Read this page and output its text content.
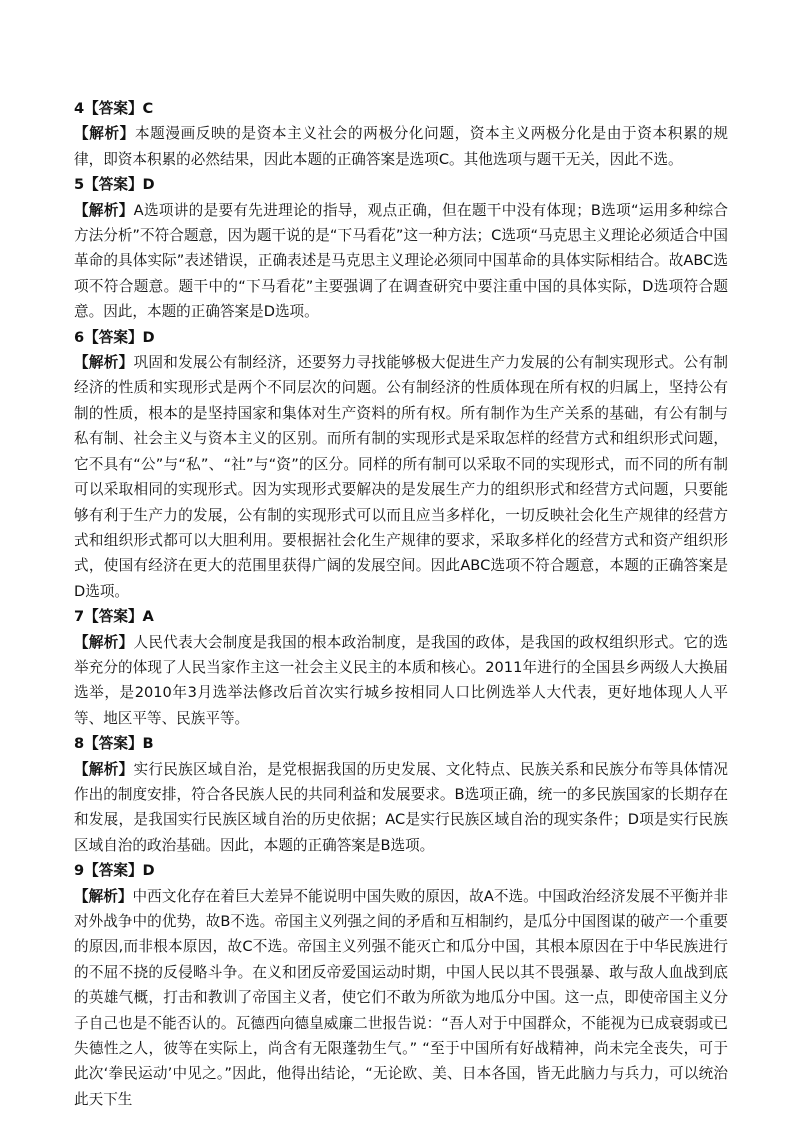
4【答案】C
【解析】本题漫画反映的是资本主义社会的两极分化问题，资本主义两极分化是由于资本积累的规律，即资本积累的必然结果，因此本题的正确答案是选项C。其他选项与题干无关，因此不选。
5【答案】D
【解析】A选项讲的是要有先进理论的指导，观点正确，但在题干中没有体现；B选项“运用多种综合方法分析”不符合题意，因为题干说的是“下马看花”这一种方法；C选项“马克思主义理论必须适合中国革命的具体实际”表述错误，正确表述是马克思主义理论必须同中国革命的具体实际相结合。故ABC选项不符合题意。题干中的“下马看花”主要强调了在调查研究中要注重中国的具体实际，D选项符合题意。因此，本题的正确答案是D选项。
6【答案】D
【解析】巩固和发展公有制经济，还要努力寻找能够极大促进生产力发展的公有制实现形式。公有制经济的性质和实现形式是两个不同层次的问题。公有制经济的性质体现在所有权的归属上，坚持公有制的性质，根本的是坚持国家和集体对生产资料的所有权。所有制作为生产关系的基础，有公有制与私有制、社会主义与资本主义的区别。而所有制的实现形式是采取怎样的经营方式和组织形式问题，它不具有“公”与“私”、“社”与“资”的区分。同样的所有制可以采取不同的实现形式，而不同的所有制可以采取相同的实现形式。因为实现形式要解决的是发展生产力的组织形式和经营方式问题，只要能够有利于生产力的发展，公有制的实现形式可以而且应当多样化，一切反映社会化生产规律的经营方式和组织形式都可以大胆利用。要根据社会化生产规律的要求，采取多样化的经营方式和资产组织形式，使国有经济在更大的范围里获得广阔的发展空间。因此ABC选项不符合题意，本题的正确答案是D选项。
7【答案】A
【解析】人民代表大会制度是我国的根本政治制度，是我国的政体，是我国的政权组织形式。它的选举充分的体现了人民当家作主这一社会主义民主的本质和核心。2011年进行的全国县乡两级人大换届选举，是2010年3月选举法修改后首次实行城乡按相同人口比例选举人大代表，更好地体现人人平等、地区平等、民族平等。
8【答案】B
【解析】实行民族区域自治，是党根据我国的历史发展、文化特点、民族关系和民族分布等具体情况作出的制度安排，符合各民族人民的共同利益和发展要求。B选项正确，统一的多民族国家的长期存在和发展，是我国实行民族区域自治的历史依据；AC是实行民族区域自治的现实条件；D项是实行民族区域自治的政治基础。因此，本题的正确答案是B选项。
9【答案】D
【解析】中西文化存在着巨大差异不能说明中国失败的原因，故A不选。中国政治经济发展不平衡并非对外战争中的优势，故B不选。帝国主义列强之间的矛盾和互相制约，是瓜分中国图谋的破产一个重要的原因,而非根本原因，故C不选。帝国主义列强不能灭亡和瓜分中国，其根本原因在于中华民族进行的不屈不挠的反侵略斗争。在义和团反帝爱国运动时期，中国人民以其不畏强暴、敢与敌人血战到底的英雄气概，打击和教训了帝国主义者，使它们不敢为所欲为地瓜分中国。这一点，即使帝国主义分子自己也是不能否认的。瓦德西向德皇威廉二世报告说：“吾人对于中国群众，不能视为已成衰弱或已失德性之人，彼等在实际上，尚含有无限蓬勃生气。” “至于中国所有好战精神，尚未完全丧失，可于此次‘拳民运动’中见之。”因此，他得出结论，“无论欧、美、日本各国，皆无此脑力与兵力，可以统治此天下生
